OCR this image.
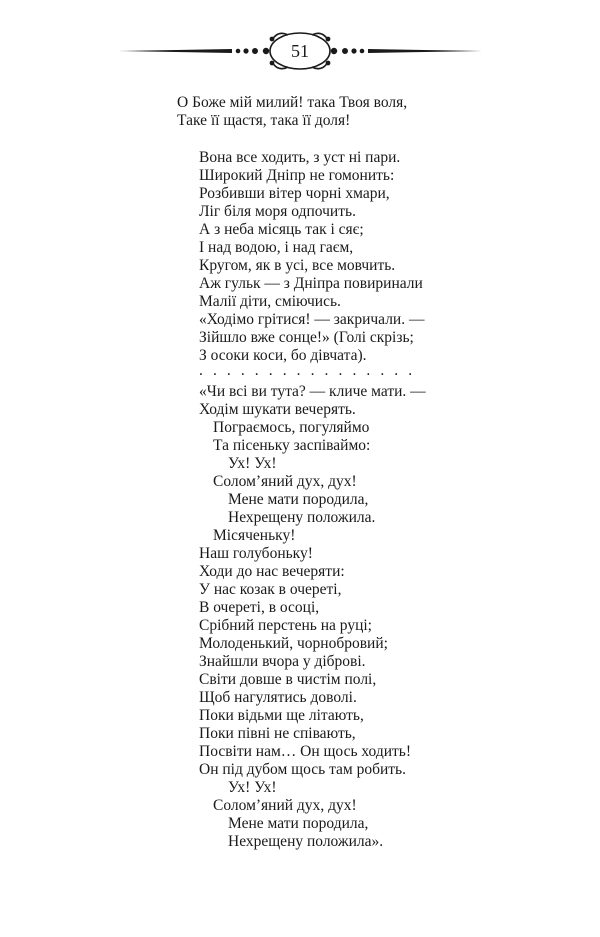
51
О Боже мій милий! така Твоя воля,
Таке її щастя, така її доля!
Вона все ходить, з уст ні пари.
Широкий Дніпр не гомонить:
Розбивши вітер чорні хмари,
Ліг біля моря одпочить.
А з неба місяць так і сяє;
І над водою, і над гаєм,
Кругом, як в усі, все мовчить.
Аж гульк — з Дніпра повиринали
Малії діти, сміючись.
«Ходімо грітися! — закричали. —
Зійшло вже сонце!» (Голі скрізь;
З осоки коси, бо дівчата).
. . . . . . . . . . . . . . . .
«Чи всі ви тута? — кличе мати. —
Ходім шукати вечерять.
Пограємось, погуляймо
Та пісеньку заспіваймо:
Ух! Ух!
Солом’яний дух, дух!
Мене мати породила,
Нехрещену положила.
Місяченьку!
Наш голубоньку!
Ходи до нас вечеряти:
У нас козак в очереті,
В очереті, в осоці,
Срібний перстень на руці;
Молоденький, чорнобровий;
Знайшли вчора у діброві.
Світи довше в чистім полі,
Щоб нагулятись доволі.
Поки відьми ще літають,
Поки півні не співають,
Посвіти нам… Он щось ходить!
Он під дубом щось там робить.
Ух! Ух!
Солом’яний дух, дух!
Мене мати породила,
Нехрещену положила».
